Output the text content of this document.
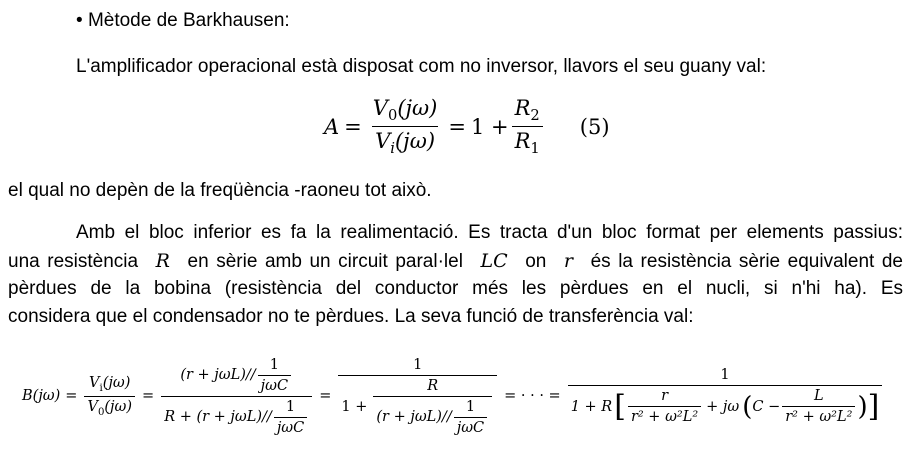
• Mètode de Barkhausen:
L'amplificador operacional està disposat com no inversor, llavors el seu guany val:
$A = \frac{V_0(j\omega)}{V_i(j\omega)} = 1 + \frac{R_2}{R_1} (5)$
el qual no depèn de la freqüència -raoneu tot això.
Amb el bloc inferior es fa la realimentació. Es tracta d'un bloc format per elements passius:
una resistència R en sèrie amb un circuit paral·lel LC on r és la resistència sèrie equivalent de
pèrdues de la bobina (resistència del conductor més les pèrdues en el nucli, si n'hi ha). Es
considera que el condensador no te pèrdues. La seva funció de transferència val:
$B(j\omega) = \frac{V_i(j\omega)}{V_0(j\omega)} = \frac{(r + j\omega L)∕∕ \frac{1}{\text{jωC}}}{R + (r + j\omega L)∕∕ \frac{1}{\text{jωC}}}$ =
1
$1 + \frac{R}{(r + j\omega L)∕∕ \frac{1}{\text{jωC}}}$ = · · · =
1
1 + R [ $\frac{r}{\text{r² + ω²L²}} + j\omega$ ( $C - \frac{L}{\text{r² + ω²L²}}$ ) ]
